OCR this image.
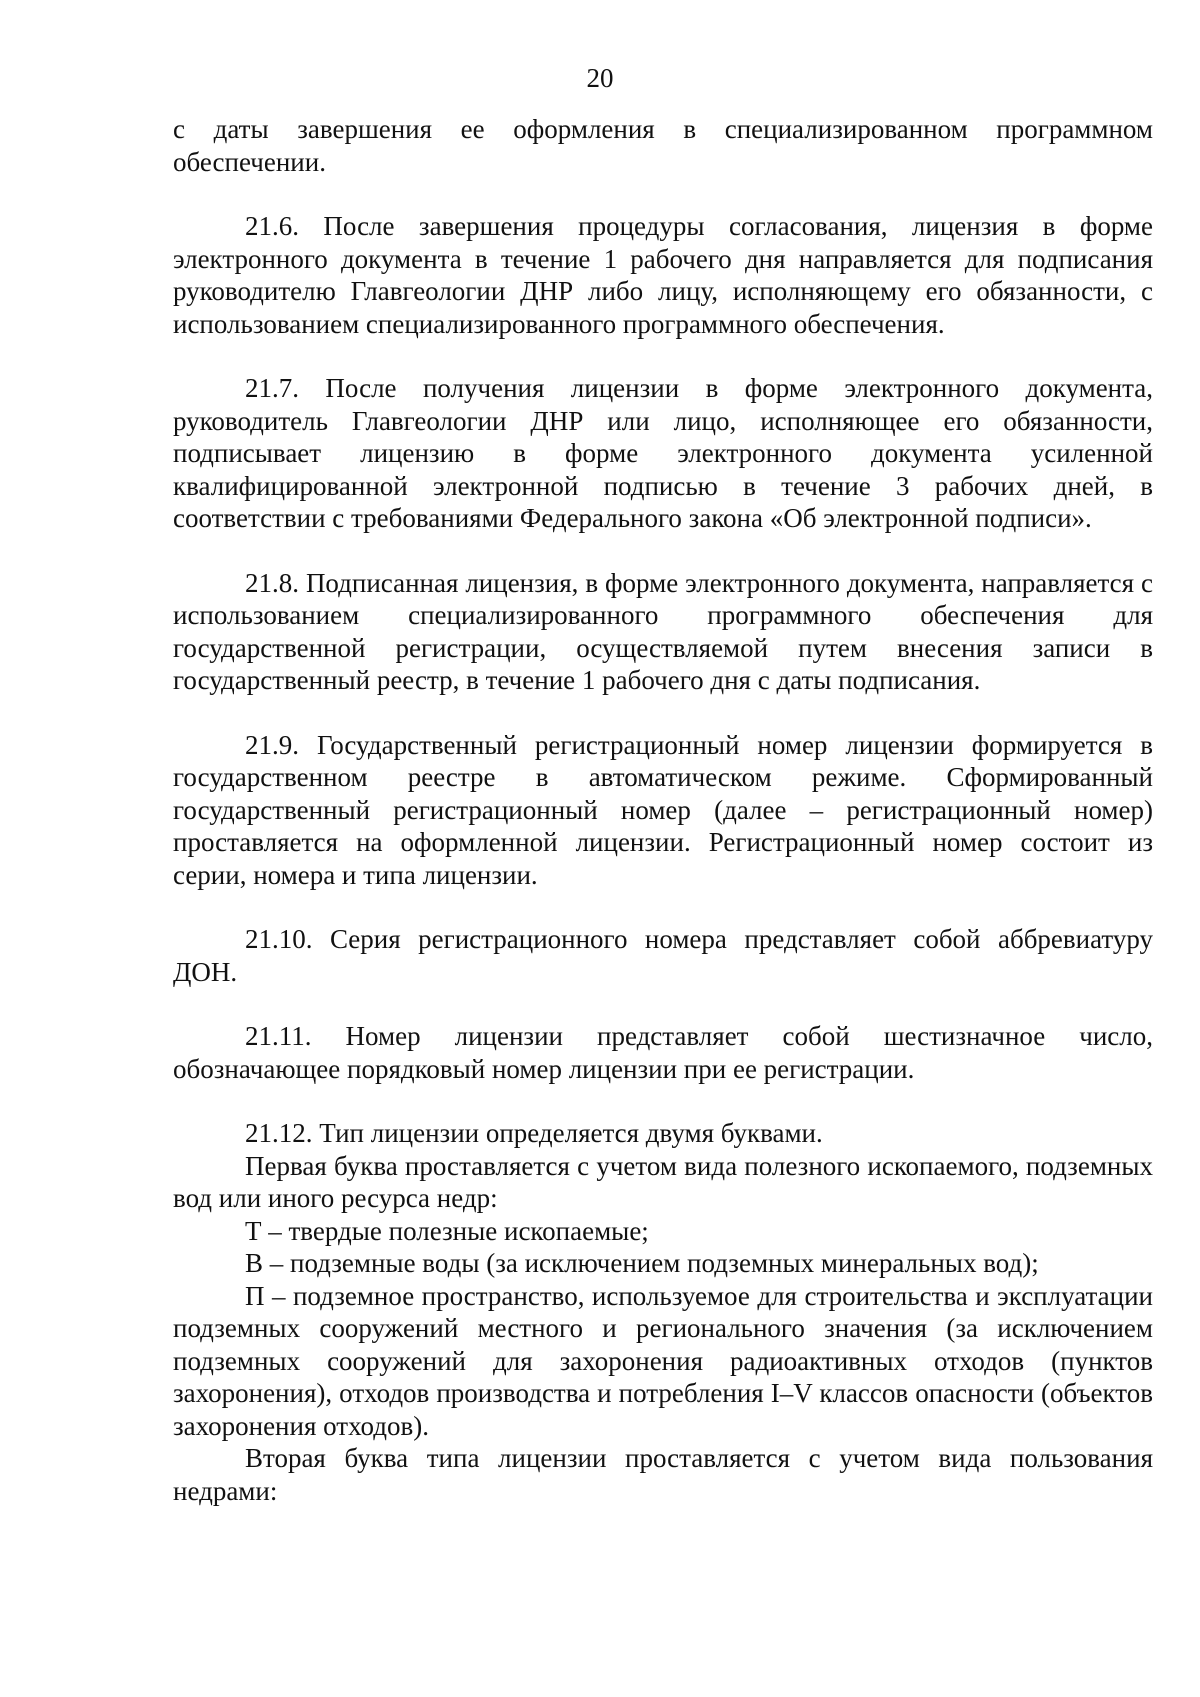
20

с даты завершения ее оформления в специализированном программном обеспечении.

21.6. После завершения процедуры согласования, лицензия в форме электронного документа в течение 1 рабочего дня направляется для подписания руководителю Главгеологии ДНР либо лицу, исполняющему его обязанности, с использованием специализированного программного обеспечения.

21.7. После получения лицензии в форме электронного документа, руководитель Главгеологии ДНР или лицо, исполняющее его обязанности, подписывает лицензию в форме электронного документа усиленной квалифицированной электронной подписью в течение 3 рабочих дней, в соответствии с требованиями Федерального закона «Об электронной подписи».

21.8. Подписанная лицензия, в форме электронного документа, направляется с использованием специализированного программного обеспечения для государственной регистрации, осуществляемой путем внесения записи в государственный реестр, в течение 1 рабочего дня с даты подписания.

21.9. Государственный регистрационный номер лицензии формируется в государственном реестре в автоматическом режиме. Сформированный государственный регистрационный номер (далее – регистрационный номер) проставляется на оформленной лицензии. Регистрационный номер состоит из серии, номера и типа лицензии.

21.10. Серия регистрационного номера представляет собой аббревиатуру ДОН.

21.11. Номер лицензии представляет собой шестизначное число, обозначающее порядковый номер лицензии при ее регистрации.

21.12. Тип лицензии определяется двумя буквами.

Первая буква проставляется с учетом вида полезного ископаемого, подземных вод или иного ресурса недр:

Т – твердые полезные ископаемые;

В – подземные воды (за исключением подземных минеральных вод);

П – подземное пространство, используемое для строительства и эксплуатации подземных сооружений местного и регионального значения (за исключением подземных сооружений для захоронения радиоактивных отходов (пунктов захоронения), отходов производства и потребления I–V классов опасности (объектов захоронения отходов).

Вторая буква типа лицензии проставляется с учетом вида пользования недрами:
